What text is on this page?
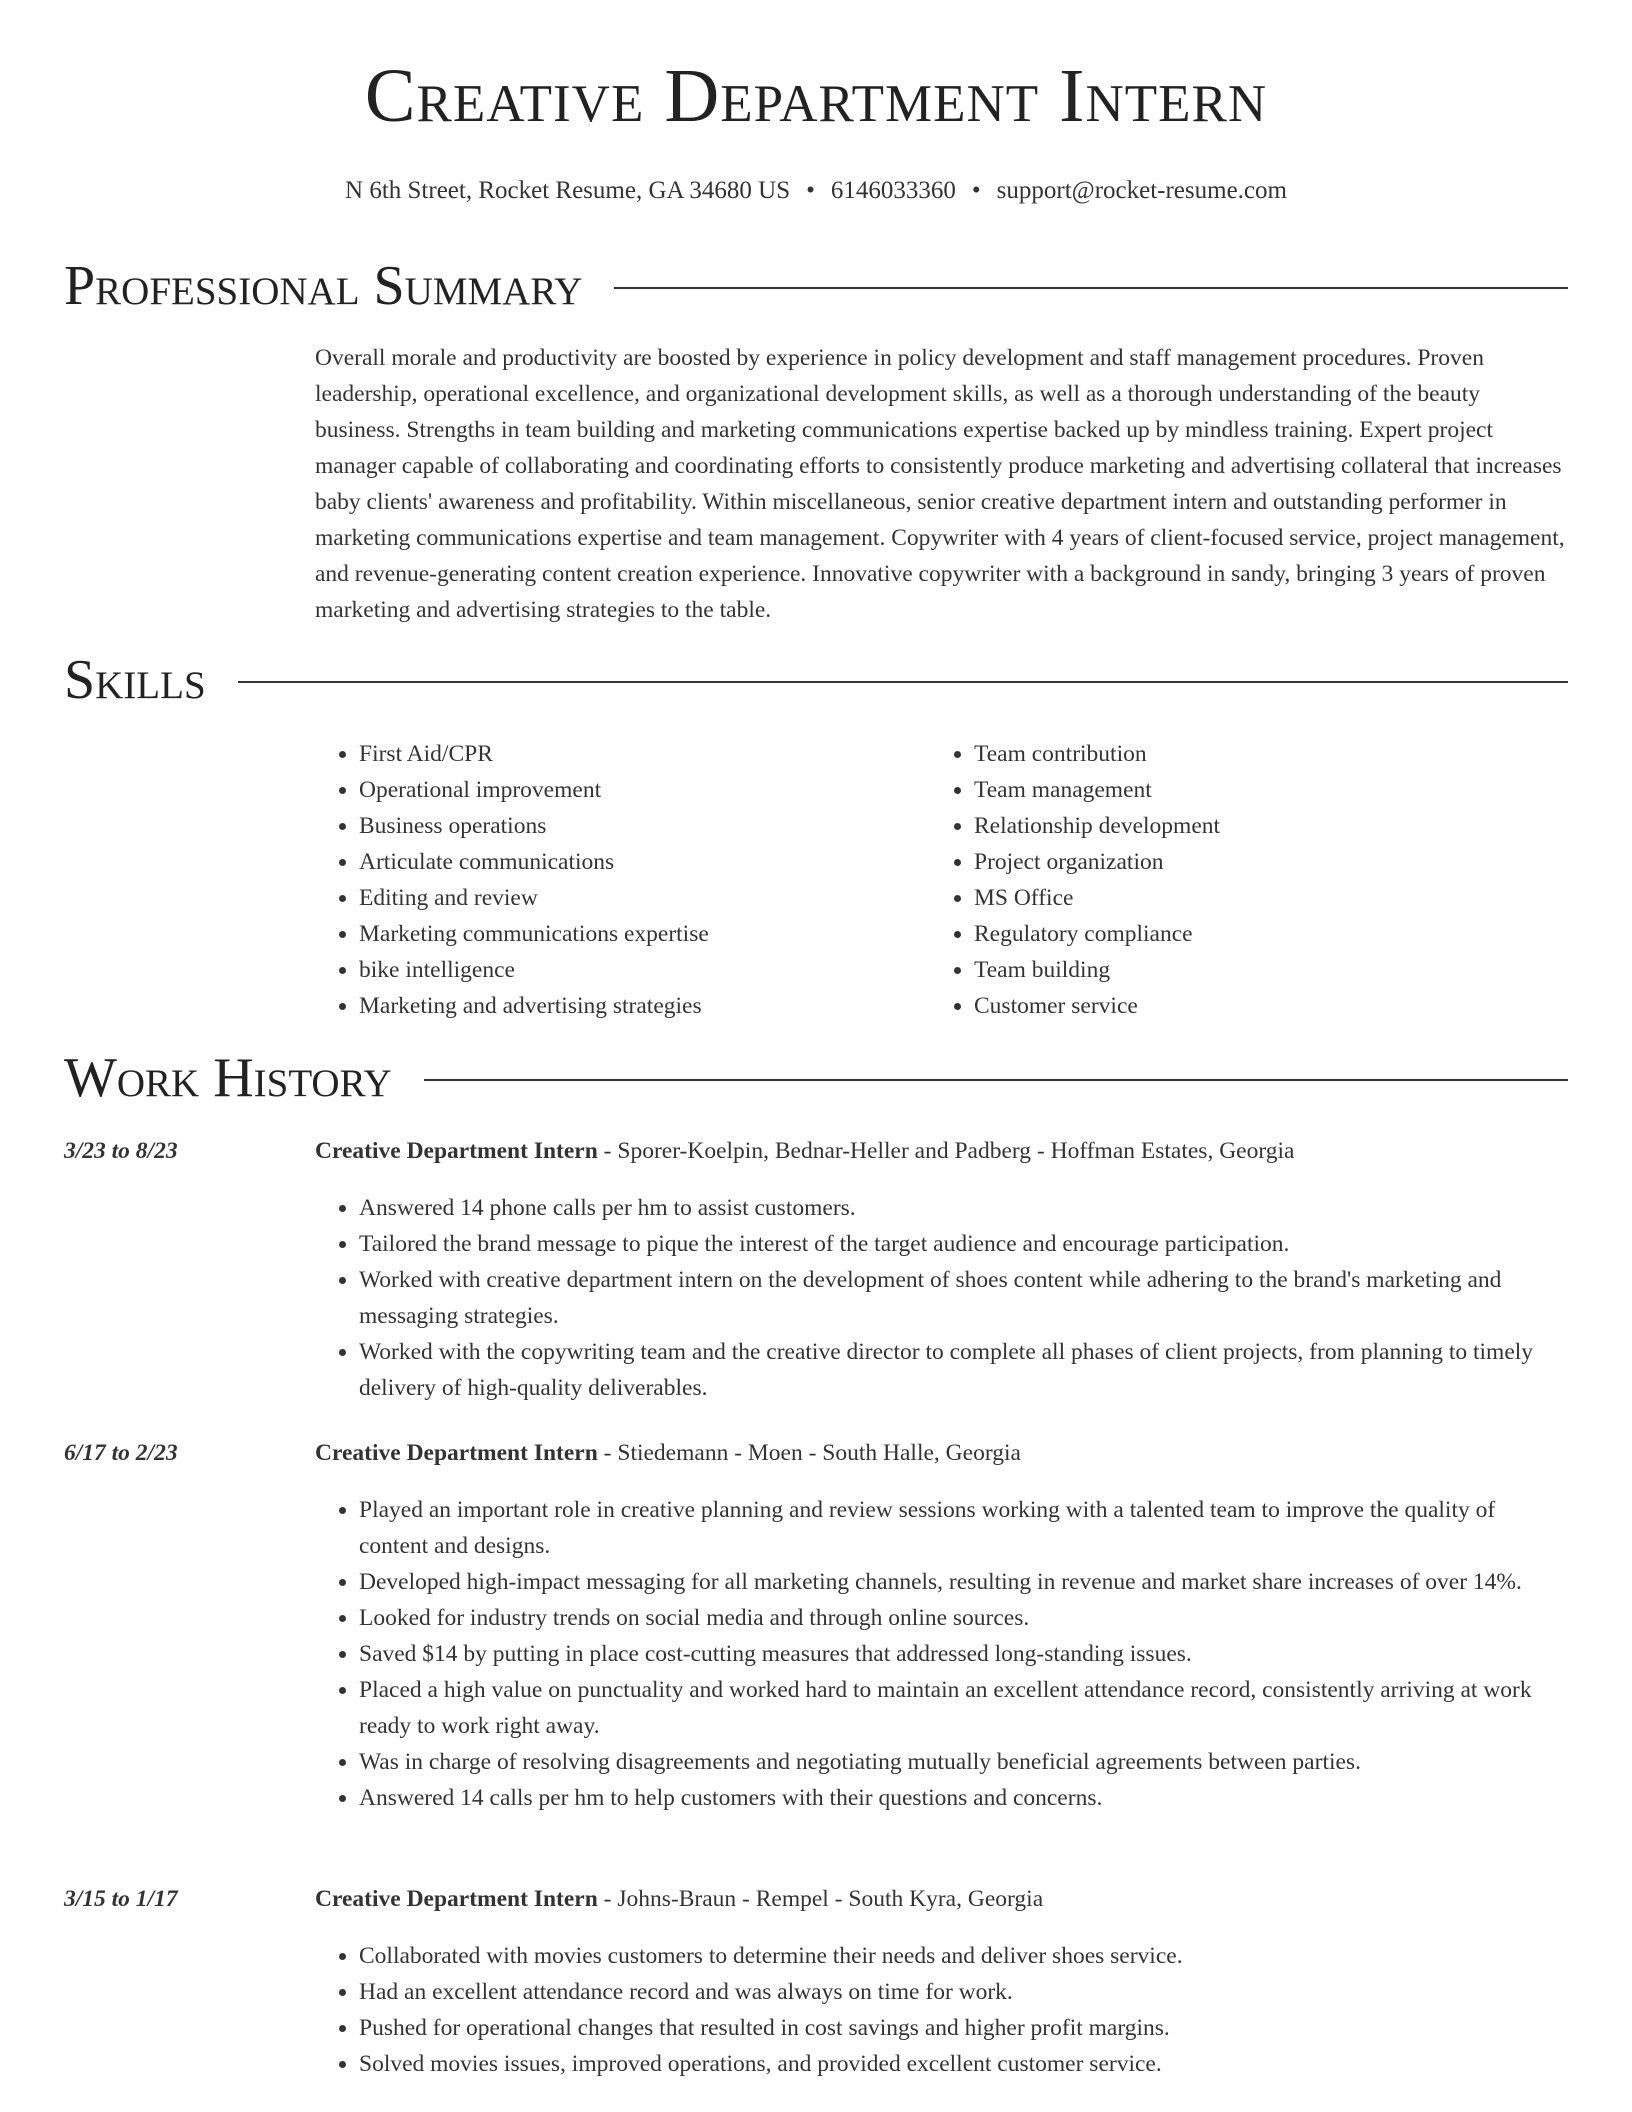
Creative Department Intern
N 6th Street, Rocket Resume, GA 34680 US • 6146033360 • support@rocket-resume.com
Professional Summary

Overall morale and productivity are boosted by experience in policy development and staff management procedures. Proven leadership, operational excellence, and organizational development skills, as well as a thorough understanding of the beauty business. Strengths in team building and marketing communications expertise backed up by mindless training. Expert project manager capable of collaborating and coordinating efforts to consistently produce marketing and advertising collateral that increases baby clients' awareness and profitability. Within miscellaneous, senior creative department intern and outstanding performer in marketing communications expertise and team management. Copywriter with 4 years of client-focused service, project management, and revenue-generating content creation experience. Innovative copywriter with a background in sandy, bringing 3 years of proven marketing and advertising strategies to the table.

Skills
• First Aid/CPR
• Operational improvement
• Business operations
• Articulate communications
• Editing and review
• Marketing communications expertise
• bike intelligence
• Marketing and advertising strategies
• Team contribution
• Team management
• Relationship development
• Project organization
• MS Office
• Regulatory compliance
• Team building
• Customer service
Work History
3/23 to 8/23	Creative Department Intern - Sporer-Koelpin, Bednar-Heller and Padberg - Hoffman Estates, Georgia
• Answered 14 phone calls per hm to assist customers.
• Tailored the brand message to pique the interest of the target audience and encourage participation.
• Worked with creative department intern on the development of shoes content while adhering to the brand's marketing and messaging strategies.
• Worked with the copywriting team and the creative director to complete all phases of client projects, from planning to timely delivery of high-quality deliverables.
6/17 to 2/23	Creative Department Intern - Stiedemann - Moen - South Halle, Georgia
• Played an important role in creative planning and review sessions working with a talented team to improve the quality of content and designs.
• Developed high-impact messaging for all marketing channels, resulting in revenue and market share increases of over 14%.
• Looked for industry trends on social media and through online sources.
• Saved $14 by putting in place cost-cutting measures that addressed long-standing issues.
• Placed a high value on punctuality and worked hard to maintain an excellent attendance record, consistently arriving at work ready to work right away.
• Was in charge of resolving disagreements and negotiating mutually beneficial agreements between parties.
• Answered 14 calls per hm to help customers with their questions and concerns.
3/15 to 1/17	Creative Department Intern - Johns-Braun - Rempel - South Kyra, Georgia
• Collaborated with movies customers to determine their needs and deliver shoes service.
• Had an excellent attendance record and was always on time for work.
• Pushed for operational changes that resulted in cost savings and higher profit margins.
• Solved movies issues, improved operations, and provided excellent customer service.
